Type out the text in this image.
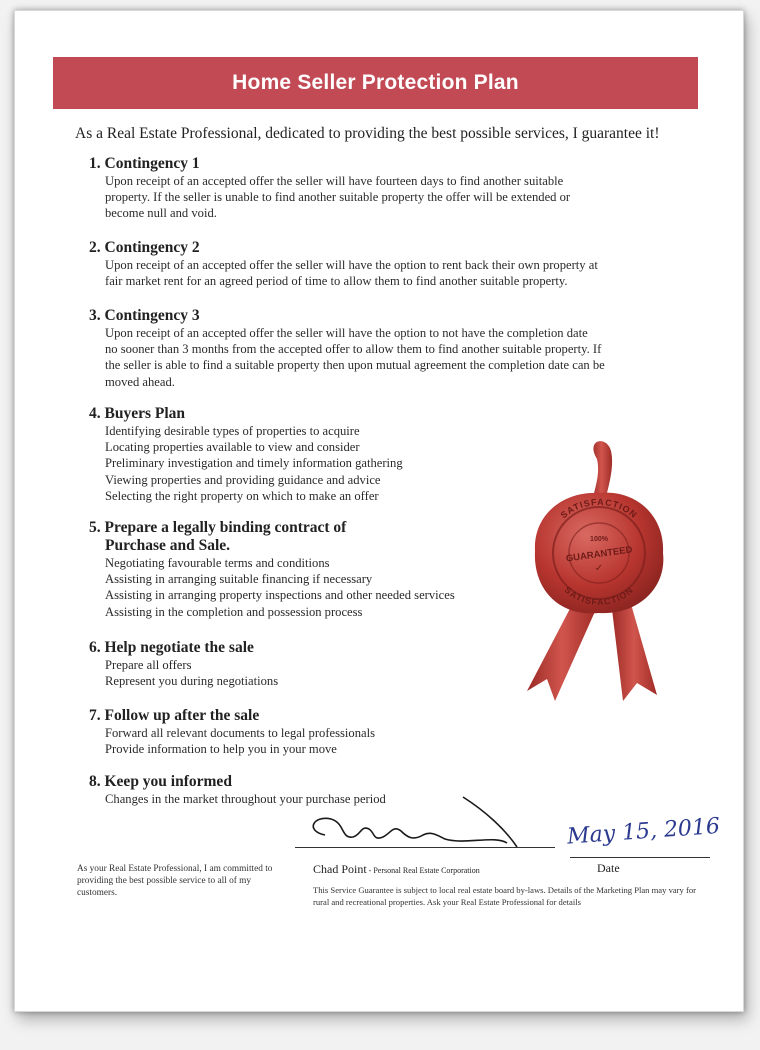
Home Seller Protection Plan
As a Real Estate Professional, dedicated to providing the best possible services, I guarantee it!
1. Contingency 1
Upon receipt of an accepted offer the seller will have fourteen days to find another suitable
property. If the seller is unable to find another suitable property the offer will be extended or
become null and void.
2. Contingency 2
Upon receipt of an accepted offer the seller will have the option to rent back their own property at
fair market rent for an agreed period of time to allow them to find another suitable property.
3. Contingency 3
Upon receipt of an accepted offer the seller will have the option to not have the completion date
no sooner than 3 months from the accepted offer to allow them to find another suitable property. If
the seller is able to find a suitable property then upon mutual agreement the completion date can be
moved ahead.
4. Buyers Plan
Identifying desirable types of properties to acquire
Locating properties available to view and consider
Preliminary investigation and timely information gathering
Viewing properties and providing guidance and advice
Selecting the right property on which to make an offer
5. Prepare a legally binding contract of
Purchase and Sale.
Negotiating favourable terms and conditions
Assisting in arranging suitable financing if necessary
Assisting in arranging property inspections and other needed services
Assisting in the completion and possession process
6. Help negotiate the sale
Prepare all offers
Represent you during negotiations
7. Follow up after the sale
Forward all relevant documents to legal professionals
Provide information to help you in your move
8. Keep you informed
Changes in the market throughout your purchase period
SATISFACTION
100%
GUARANTEED
✓
SATISFACTION
Chad Point - Personal Real Estate Corporation
May 15, 2016
Date
As your Real Estate Professional, I am committed to providing the best possible service to all of my customers.	This Service Guarantee is subject to local real estate board by-laws. Details of the Marketing Plan may vary for rural and recreational properties. Ask your Real Estate Professional for details
